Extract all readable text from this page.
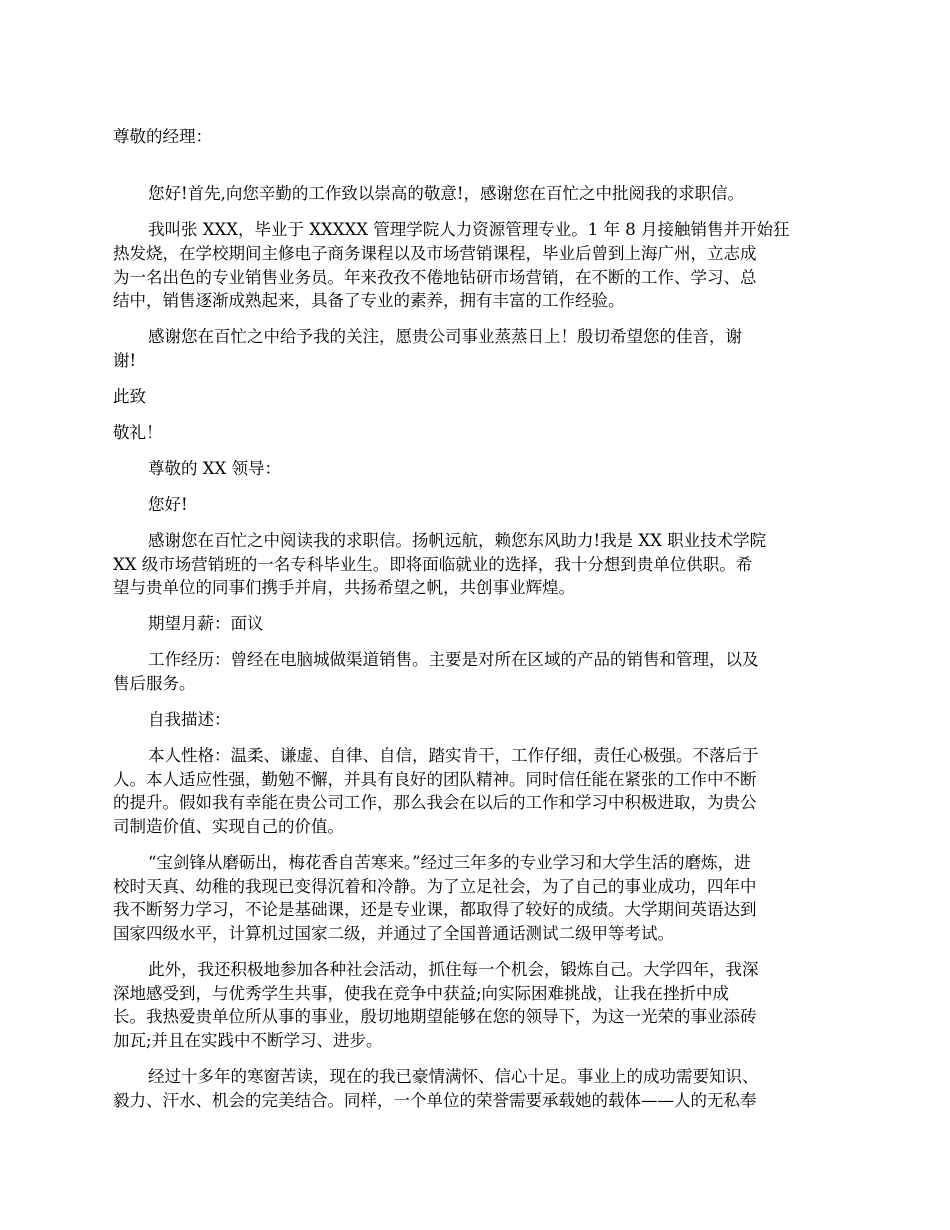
尊敬的经理：
您好!首先,向您辛勤的工作致以崇高的敬意!，感谢您在百忙之中批阅我的求职信。
我叫张 XXX，毕业于 XXXXX 管理学院人力资源管理专业。1 年 8 月接触销售并开始狂
热发烧，在学校期间主修电子商务课程以及市场营销课程，毕业后曾到上海广州，立志成
为一名出色的专业销售业务员。年来孜孜不倦地钻研市场营销，在不断的工作、学习、总
结中，销售逐渐成熟起来，具备了专业的素养，拥有丰富的工作经验。
感谢您在百忙之中给予我的关注，愿贵公司事业蒸蒸日上！殷切希望您的佳音，谢
谢!
此致
敬礼！
尊敬的 XX 领导：
您好!
感谢您在百忙之中阅读我的求职信。扬帆远航，赖您东风助力!我是 XX 职业技术学院
XX 级市场营销班的一名专科毕业生。即将面临就业的选择，我十分想到贵单位供职。希
望与贵单位的同事们携手并肩，共扬希望之帆，共创事业辉煌。
期望月薪：面议
工作经历：曾经在电脑城做渠道销售。主要是对所在区域的产品的销售和管理，以及
售后服务。
自我描述：
本人性格：温柔、谦虚、自律、自信，踏实肯干，工作仔细，责任心极强。不落后于
人。本人适应性强，勤勉不懈，并具有良好的团队精神。同时信任能在紧张的工作中不断
的提升。假如我有幸能在贵公司工作，那么我会在以后的工作和学习中积极进取，为贵公
司制造价值、实现自己的价值。
“宝剑锋从磨砺出，梅花香自苦寒来。”经过三年多的专业学习和大学生活的磨炼，进
校时天真、幼稚的我现已变得沉着和冷静。为了立足社会，为了自己的事业成功，四年中
我不断努力学习，不论是基础课，还是专业课，都取得了较好的成绩。大学期间英语达到
国家四级水平，计算机过国家二级，并通过了全国普通话测试二级甲等考试。
此外，我还积极地参加各种社会活动，抓住每一个机会，锻炼自己。大学四年，我深
深地感受到，与优秀学生共事，使我在竞争中获益;向实际困难挑战，让我在挫折中成
长。我热爱贵单位所从事的事业，殷切地期望能够在您的领导下，为这一光荣的事业添砖
加瓦;并且在实践中不断学习、进步。
经过十多年的寒窗苦读，现在的我已豪情满怀、信心十足。事业上的成功需要知识、
毅力、汗水、机会的完美结合。同样，一个单位的荣誉需要承载她的载体——人的无私奉
